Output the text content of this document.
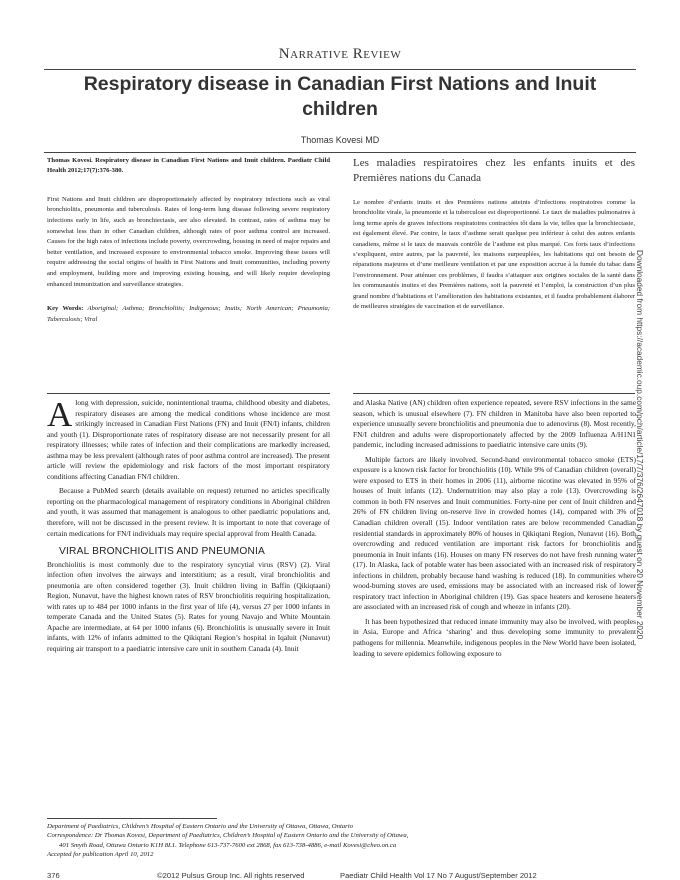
Narrative Review
Respiratory disease in Canadian First Nations and Inuit children
Thomas Kovesi MD

Thomas Kovesi. Respiratory disease in Canadian First Nations and Inuit children. Paediatr Child Health 2012;17(7):376-380.

First Nations and Inuit children are disproportionately affected by respiratory infections such as viral bronchiolitis, pneumonia and tuberculosis. Rates of long-term lung disease following severe respiratory infections early in life, such as bronchiectasis, are also elevated. In contrast, rates of asthma may be somewhat less than in other Canadian children, although rates of poor asthma control are increased. Causes for the high rates of infections include poverty, overcrowding, housing in need of major repairs and better ventilation, and increased exposure to environmental tobacco smoke. Improving these issues will require addressing the social origins of health in First Nations and Inuit communities, including poverty and employment, building more and improving existing housing, and will likely require developing enhanced immunization and surveillance strategies.

Key Words: Aboriginal; Asthma; Bronchiolitis; Indigenous; Inuits; North American; Pneumonia; Tuberculosis; Viral

Les maladies respiratoires chez les enfants inuits et des Premières nations du Canada

Le nombre d’enfants inuits et des Premières nations atteints d’infections respiratoires comme la bronchiolite virale, la pneumonie et la tuberculose est disproportionné. Le taux de maladies pulmonaires à long terme après de graves infections respiratoires contractées tôt dans la vie, telles que la bronchiectasie, est également élevé. Par contre, le taux d’asthme serait quelque peu inférieur à celui des autres enfants canadiens, même si le taux de mauvais contrôle de l’asthme est plus marqué. Ces forts taux d’infections s’expliquent, entre autres, par la pauvreté, les maisons surpeuplées, les habitations qui ont besoin de réparations majeures et d’une meilleure ventilation et par une exposition accrue à la fumée du tabac dans l’environnement. Pour atténuer ces problèmes, il faudra s’attaquer aux origines sociales de la santé dans les communautés inuites et des Premières nations, soit la pauvreté et l’emploi, la construction d’un plus grand nombre d’habitations et l’amélioration des habitations existantes, et il faudra probablement élaborer de meilleures stratégies de vaccination et de surveillance.

Along with depression, suicide, nonintentional trauma, childhood obesity and diabetes, respiratory diseases are among the medical conditions whose incidence are most strikingly increased in Canadian First Nations (FN) and Inuit (FN/I) infants, children and youth (1). Disproportionate rates of respiratory disease are not necessarily present for all respiratory illnesses; while rates of infection and their complications are markedly increased, asthma may be less prevalent (although rates of poor asthma control are increased). The present article will review the epidemiology and risk factors of the most important respiratory conditions affecting Canadian FN/I children.

Because a PubMed search (details available on request) returned no articles specifically reporting on the pharmacological management of respiratory conditions in Aboriginal children and youth, it was assumed that management is analogous to other paediatric populations and, therefore, will not be discussed in the present review. It is important to note that coverage of certain medications for FN/I individuals may require special approval from Health Canada.

VIRAL BRONCHIOLITIS AND PNEUMONIA

Bronchiolitis is most commonly due to the respiratory syncytial virus (RSV) (2). Viral infection often involves the airways and interstitium; as a result, viral bronchiolitis and pneumonia are often considered together (3). Inuit children living in Baffin (Qikiqtaani) Region, Nunavut, have the highest known rates of RSV bronchiolitis requiring hospitalization, with rates up to 484 per 1000 infants in the first year of life (4), versus 27 per 1000 infants in temperate Canada and the United States (5). Rates for young Navajo and White Mountain Apache are intermediate, at 64 per 1000 infants (6). Bronchiolitis is unusually severe in Inuit infants, with 12% of infants admitted to the Qikiqtani Region’s hospital in Iqaluit (Nunavut) requiring air transport to a paediatric intensive care unit in southern Canada (4). Inuit

and Alaska Native (AN) children often experience repeated, severe RSV infections in the same season, which is unusual elsewhere (7). FN children in Manitoba have also been reported to experience unusually severe bronchiolitis and pneumonia due to adenovirus (8). Most recently, FN/I children and adults were disproportionately affected by the 2009 Influenza A/H1N1 pandemic, including increased admissions to paediatric intensive care units (9).

Multiple factors are likely involved. Second-hand environmental tobacco smoke (ETS) exposure is a known risk factor for bronchiolitis (10). While 9% of Canadian children (overall) were exposed to ETS in their homes in 2006 (11), airborne nicotine was elevated in 95% of houses of Inuit infants (12). Undernutrition may also play a role (13). Overcrowding is common in both FN reserves and Inuit communities. Forty-nine per cent of Inuit children and 26% of FN children living on-reserve live in crowded homes (14), compared with 3% of Canadian children overall (15). Indoor ventilation rates are below recommended Canadian residential standards in approximately 80% of houses in Qikiqtani Region, Nunavut (16). Both overcrowding and reduced ventilation are important risk factors for bronchiolitis and pneumonia in Inuit infants (16). Houses on many FN reserves do not have fresh running water (17). In Alaska, lack of potable water has been associated with an increased risk of respiratory infections in children, probably because hand washing is reduced (18). In communities where wood-burning stoves are used, emissions may be associated with an increased risk of lower respiratory tract infection in Aboriginal children (19). Gas space heaters and kerosene heaters are associated with an increased risk of cough and wheeze in infants (20).

It has been hypothesized that reduced innate immunity may also be involved, with peoples in Asia, Europe and Africa ‘sharing’ and thus developing some immunity to prevalent pathogens for millennia. Meanwhile, indigenous peoples in the New World have been isolated, leading to severe epidemics following exposure to

Department of Paediatrics, Children’s Hospital of Eastern Ontario and the University of Ottawa, Ottawa, Ontario

Correspondence: Dr Thomas Kovesi, Department of Paediatrics, Children’s Hospital of Eastern Ontario and the University of Ottawa,

401 Smyth Road, Ottawa Ontario K1H 8L1. Telephone 613-737-7600 ext 2868, fax 613-738-4886, e-mail Kovesi@cheo.on.ca

Accepted for publication April 10, 2012

376	©2012 Pulsus Group Inc. All rights reserved	Paediatr Child Health Vol 17 No 7 August/September 2012
Downloaded from https://academic.oup.com/pch/article/17/7/376/2647018 by guest on 20 November 2020
